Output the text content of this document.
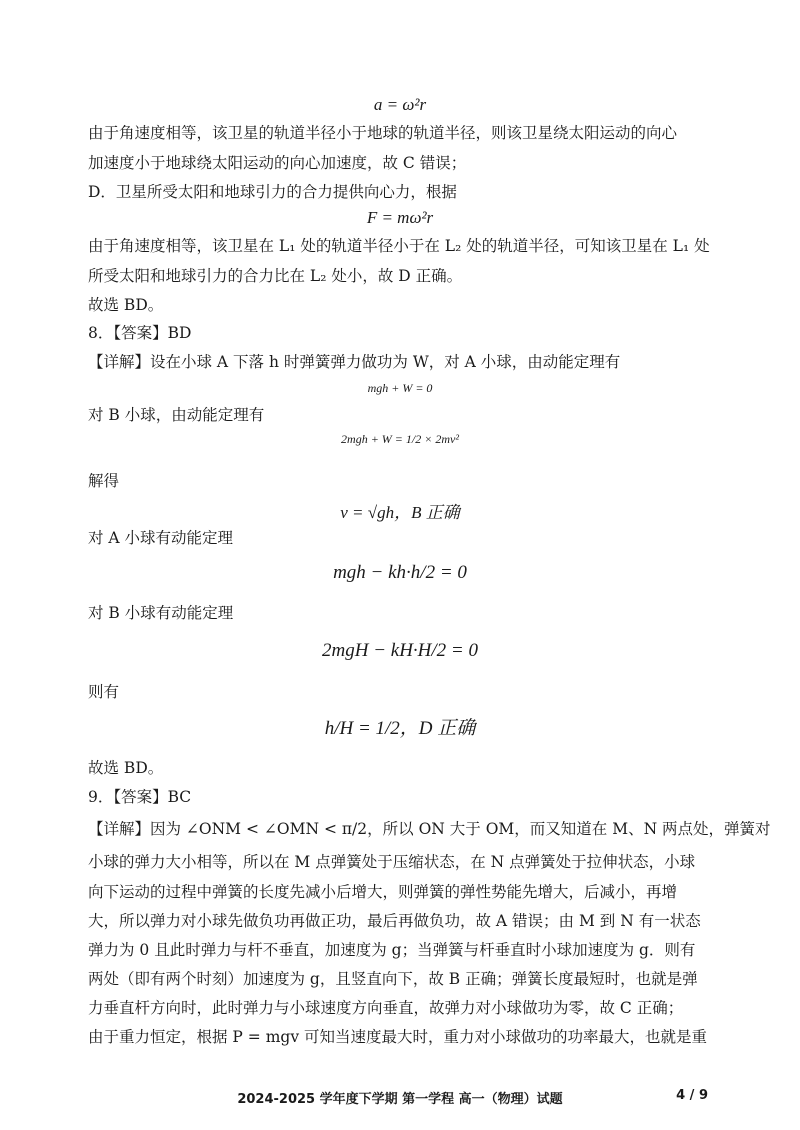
a = ω²r
由于角速度相等，该卫星的轨道半径小于地球的轨道半径，则该卫星绕太阳运动的向心
加速度小于地球绕太阳运动的向心加速度，故 C 错误；
D．卫星所受太阳和地球引力的合力提供向心力，根据
F = mω²r
由于角速度相等，该卫星在 L₁ 处的轨道半径小于在 L₂ 处的轨道半径，可知该卫星在 L₁ 处
所受太阳和地球引力的合力比在 L₂ 处小，故 D 正确。
故选 BD。
8．【答案】BD
【详解】设在小球 A 下落 h 时弹簧弹力做功为 W，对 A 小球，由动能定理有
mgh + W = 0
对 B 小球，由动能定理有
2mgh + W = 1/2 × 2mv²
解得
v = √gh，B 正确
对 A 小球有动能定理
mgh − kh·h/2 = 0
对 B 小球有动能定理
2mgH − kH·H/2 = 0
则有
h/H = 1/2，D 正确
故选 BD。
9．【答案】BC
【详解】因为 ∠ONM < ∠OMN < π/2，所以 ON 大于 OM，而又知道在 M、N 两点处，弹簧对
小球的弹力大小相等，所以在 M 点弹簧处于压缩状态，在 N 点弹簧处于拉伸状态，小球
向下运动的过程中弹簧的长度先减小后增大，则弹簧的弹性势能先增大，后减小，再增
大，所以弹力对小球先做负功再做正功，最后再做负功，故 A 错误；由 M 到 N 有一状态
弹力为 0 且此时弹力与杆不垂直，加速度为 g；当弹簧与杆垂直时小球加速度为 g．则有
两处（即有两个时刻）加速度为 g，且竖直向下，故 B 正确；弹簧长度最短时，也就是弹
力垂直杆方向时，此时弹力与小球速度方向垂直，故弹力对小球做功为零，故 C 正确；
由于重力恒定，根据 P = mgv 可知当速度最大时，重力对小球做功的功率最大，也就是重
2024-2025 学年度下学期 第一学程 高一（物理）试题	4 / 9
